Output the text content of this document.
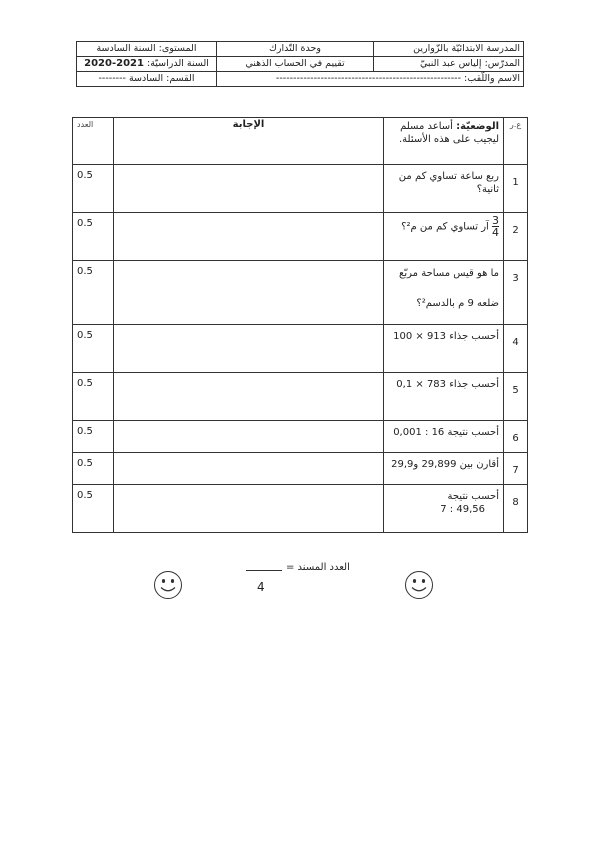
المدرسة الابتدائيّة بالزّوارين	وحدة التّدارك	المستوى: السنة السادسة
المدرّس: إلياس عبد النبيّ	تقييم في الحساب الذهني	السنة الدراسيّة: 2021-2020
الاسم واللّقب: ------------------------------------------------------		القسم: السادسة --------
ع.ر	الوضعيّة: أساعد مسلم
ليجيب على هذه الأسئلة.	الإجابة	العدد
1	ربع ساعة تساوي كم من
ثانية؟		0.5
2	$\frac{3}{4}$
آر تساوي كم من م²؟		0.5
3	ما هو قيس مساحة مربّع

ضلعه 9 م بالدسم²؟		0.5
4	أحسب جذاء 913 × 100		0.5
5	أحسب جذاء 783 × 0,1		0.5
6	أحسب نتيجة 16 : 0,001		0.5
7	أقارن بين 29,899 و29,9		0.5
8	أحسب نتيجة
49,56 : 7		0.5
العدد المسند =
4
